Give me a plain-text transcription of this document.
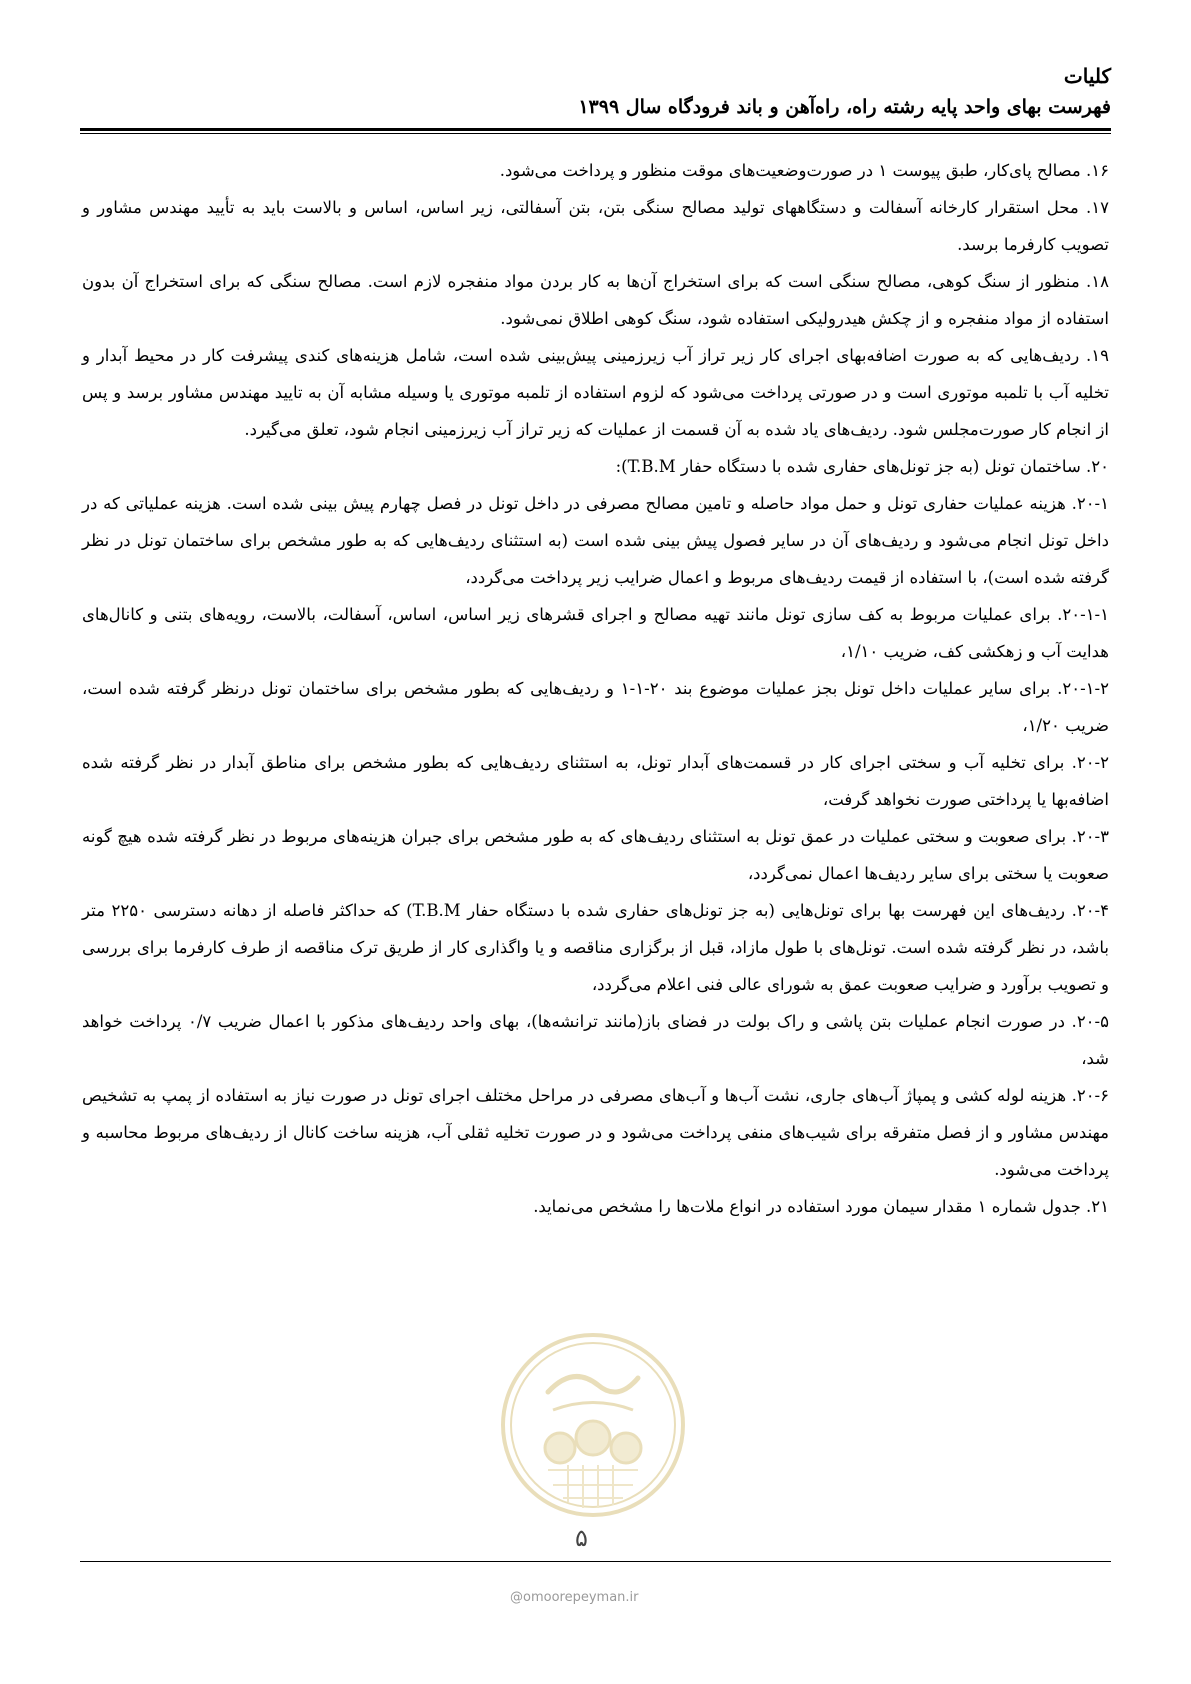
کلیات
فهرست بهای واحد پایه رشته راه، راه‌آهن و باند فرودگاه سال ۱۳۹۹

۱۶. مصالح پای‌کار، طبق پیوست ۱ در صورت‌وضعیت‌های موقت منظور و پرداخت می‌شود.

۱۷. محل استقرار کارخانه آسفالت و دستگاههای تولید مصالح سنگی بتن، بتن آسفالتی، زیر اساس، اساس و بالاست باید به تأیید مهندس مشاور و تصویب کارفرما برسد.

۱۸. منظور از سنگ کوهی، مصالح سنگی است که برای استخراج آن‌ها به کار بردن مواد منفجره لازم است. مصالح سنگی که برای استخراج آن بدون استفاده از مواد منفجره و از چکش هیدرولیکی استفاده شود، سنگ کوهی اطلاق نمی‌شود.

۱۹. ردیف‌هایی که به صورت اضافه‌بهای اجرای کار زیر تراز آب زیرزمینی پیش‌بینی شده است، شامل هزینه‌های کندی پیشرفت کار در محیط آبدار و تخلیه آب با تلمبه موتوری است و در صورتی پرداخت می‌شود که لزوم استفاده از تلمبه موتوری یا وسیله مشابه آن به تایید مهندس مشاور برسد و پس از انجام کار صورت‌مجلس شود. ردیف‌های یاد شده به آن قسمت از عملیات که زیر تراز آب زیرزمینی انجام شود، تعلق می‌گیرد.

۲۰. ساختمان تونل (به جز تونل‌های حفاری شده با دستگاه حفار T.B.M):

۲۰-۱. هزینه عملیات حفاری تونل و حمل مواد حاصله و تامین مصالح مصرفی در داخل تونل در فصل چهارم پیش بینی شده است. هزینه عملیاتی که در داخل تونل انجام می‌شود و ردیف‌های آن در سایر فصول پیش بینی شده است (به استثنای ردیف‌هایی که به طور مشخص برای ساختمان تونل در نظر گرفته شده است)، با استفاده از قیمت ردیف‌های مربوط و اعمال ضرایب زیر پرداخت می‌گردد،

۲۰-۱-۱. برای عملیات مربوط به کف سازی تونل مانند تهیه مصالح و اجرای قشرهای زیر اساس، اساس، آسفالت، بالاست، رویه‌های بتنی و کانال‌های هدایت آب و زهکشی کف، ضریب ۱/۱۰،

۲۰-۱-۲. برای سایر عملیات داخل تونل بجز عملیات موضوع بند ۲۰-۱-۱ و ردیف‌هایی که بطور مشخص برای ساختمان تونل درنظر گرفته شده است، ضریب ۱/۲۰،

۲۰-۲. برای تخلیه آب و سختی اجرای کار در قسمت‌های آبدار تونل، به استثنای ردیف‌هایی که بطور مشخص برای مناطق آبدار در نظر گرفته شده اضافه‌بها یا پرداختی صورت نخواهد گرفت،

۲۰-۳. برای صعوبت و سختی عملیات در عمق تونل به استثنای ردیف‌های که به طور مشخص برای جبران هزینه‌های مربوط در نظر گرفته شده هیچ گونه صعوبت یا سختی برای سایر ردیف‌ها اعمال نمی‌گردد،

۲۰-۴. ردیف‌های این فهرست بها برای تونل‌هایی (به جز تونل‌های حفاری شده با دستگاه حفار T.B.M) که حداکثر فاصله از دهانه دسترسی ۲۲۵۰ متر باشد، در نظر گرفته شده است. تونل‌های با طول مازاد، قبل از برگزاری مناقصه و یا واگذاری کار از طریق ترک مناقصه از طرف کارفرما برای بررسی و تصویب برآورد و ضرایب صعوبت عمق به شورای عالی فنی اعلام می‌گردد،

۲۰-۵. در صورت انجام عملیات بتن پاشی و راک بولت در فضای باز(مانند ترانشه‌ها)، بهای واحد ردیف‌های مذکور با اعمال ضریب ۰/۷ پرداخت خواهد شد،

۲۰-۶. هزینه لوله کشی و پمپاژ آب‌های جاری، نشت آب‌ها و آب‌های مصرفی در مراحل مختلف اجرای تونل در صورت نیاز به استفاده از پمپ به تشخیص مهندس مشاور و از فصل متفرقه برای شیب‌های منفی پرداخت می‌شود و در صورت تخلیه ثقلی آب، هزینه ساخت کانال از ردیف‌های مربوط محاسبه و پرداخت می‌شود.

۲۱. جدول شماره ۱ مقدار سیمان مورد استفاده در انواع ملات‌ها را مشخص می‌نماید.

۵
@omoorepeyman.ir
